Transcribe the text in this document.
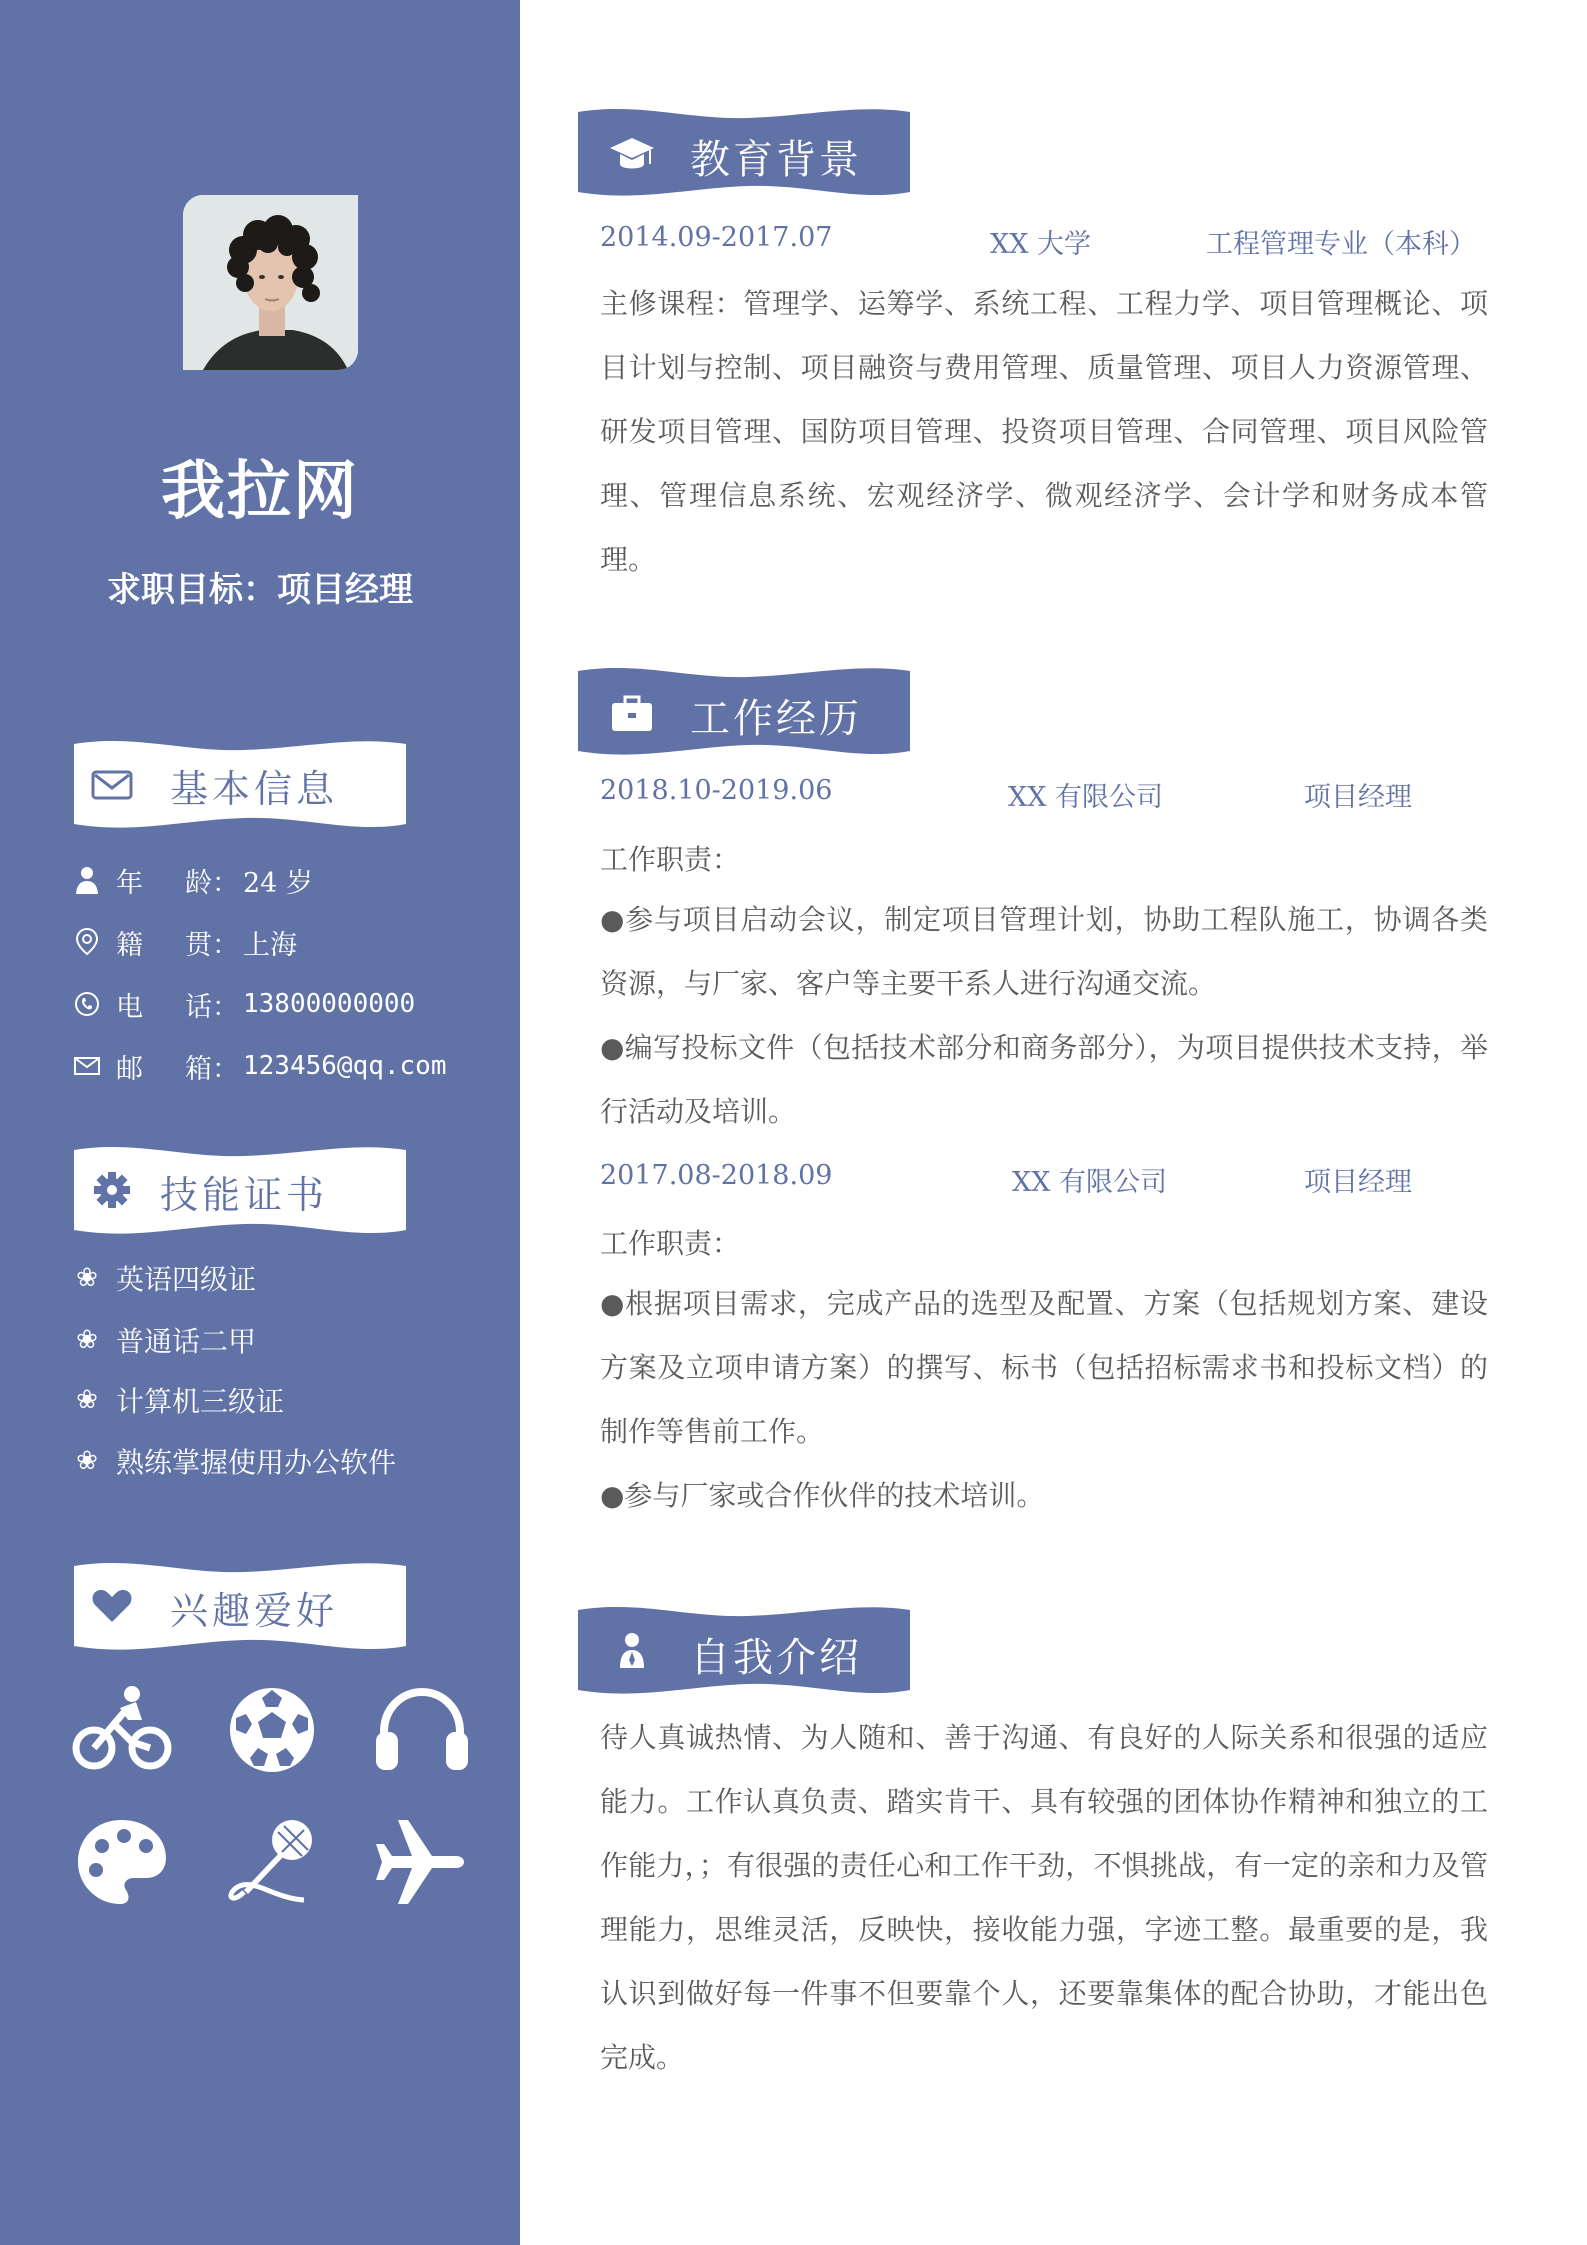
我拉网
求职目标：项目经理
基本信息
年 龄 ： 24 岁
籍 贯 ： 上海
电 话 ： 13800000000
邮 箱 ： 123456@qq.com
技能证书
❀ 英语四级证
❀ 普通话二甲
❀ 计算机三级证
❀ 熟练掌握使用办公软件
兴趣爱好
教育背景
2014.09-2017.07	XX 大学	工程管理专业（本科）
主修课程：管理学、运筹学、系统工程、工程力学、项目管理概论、项目计划与控制、项目融资与费用管理、质量管理、项目人力资源管理、研发项目管理、国防项目管理、投资项目管理、合同管理、项目风险管理、管理信息系统、宏观经济学、微观经济学、会计学和财务成本管理。
工作经历
2018.10-2019.06	XX 有限公司	项目经理
工作职责：
●参与项目启动会议，制定项目管理计划，协助工程队施工，协调各类资源，与厂家、客户等主要干系人进行沟通交流。
●编写投标文件（包括技术部分和商务部分），为项目提供技术支持，举行活动及培训。
2017.08-2018.09	XX 有限公司	项目经理
工作职责：
●根据项目需求，完成产品的选型及配置、方案（包括规划方案、建设方案及立项申请方案）的撰写、标书（包括招标需求书和投标文档）的制作等售前工作。
●参与厂家或合作伙伴的技术培训。
自我介绍
待人真诚热情、为人随和、善于沟通、有良好的人际关系和很强的适应能力。工作认真负责、踏实肯干、具有较强的团体协作精神和独立的工作能力，；有很强的责任心和工作干劲，不惧挑战，有一定的亲和力及管理能力，思维灵活，反映快，接收能力强，字迹工整。最重要的是，我认识到做好每一件事不但要靠个人，还要靠集体的配合协助，才能出色完成。
